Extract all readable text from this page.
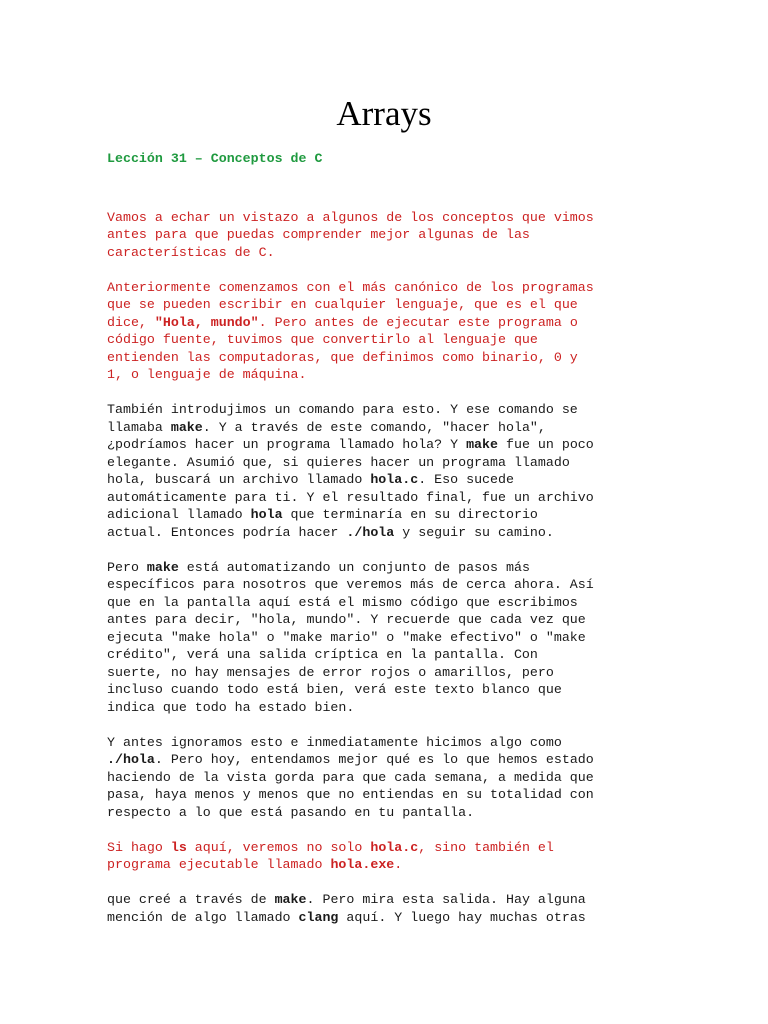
Arrays

Lección 31 – Conceptos de C

Vamos a echar un vistazo a algunos de los conceptos que vimos
antes para que puedas comprender mejor algunas de las
características de C.

Anteriormente comenzamos con el más canónico de los programas
que se pueden escribir en cualquier lenguaje, que es el que
dice, "Hola, mundo". Pero antes de ejecutar este programa o
código fuente, tuvimos que convertirlo al lenguaje que
entienden las computadoras, que definimos como binario, 0 y
1, o lenguaje de máquina.

También introdujimos un comando para esto. Y ese comando se
llamaba make. Y a través de este comando, "hacer hola",
¿podríamos hacer un programa llamado hola? Y make fue un poco
elegante. Asumió que, si quieres hacer un programa llamado
hola, buscará un archivo llamado hola.c. Eso sucede
automáticamente para ti. Y el resultado final, fue un archivo
adicional llamado hola que terminaría en su directorio
actual. Entonces podría hacer ./hola y seguir su camino.

Pero make está automatizando un conjunto de pasos más
específicos para nosotros que veremos más de cerca ahora. Así
que en la pantalla aquí está el mismo código que escribimos
antes para decir, "hola, mundo". Y recuerde que cada vez que
ejecuta "make hola" o "make mario" o "make efectivo" o "make
crédito", verá una salida críptica en la pantalla. Con
suerte, no hay mensajes de error rojos o amarillos, pero
incluso cuando todo está bien, verá este texto blanco que
indica que todo ha estado bien.

Y antes ignoramos esto e inmediatamente hicimos algo como
./hola. Pero hoy, entendamos mejor qué es lo que hemos estado
haciendo de la vista gorda para que cada semana, a medida que
pasa, haya menos y menos que no entiendas en su totalidad con
respecto a lo que está pasando en tu pantalla.

Si hago ls aquí, veremos no solo hola.c, sino también el
programa ejecutable llamado hola.exe.

que creé a través de make. Pero mira esta salida. Hay alguna
mención de algo llamado clang aquí. Y luego hay muchas otras
